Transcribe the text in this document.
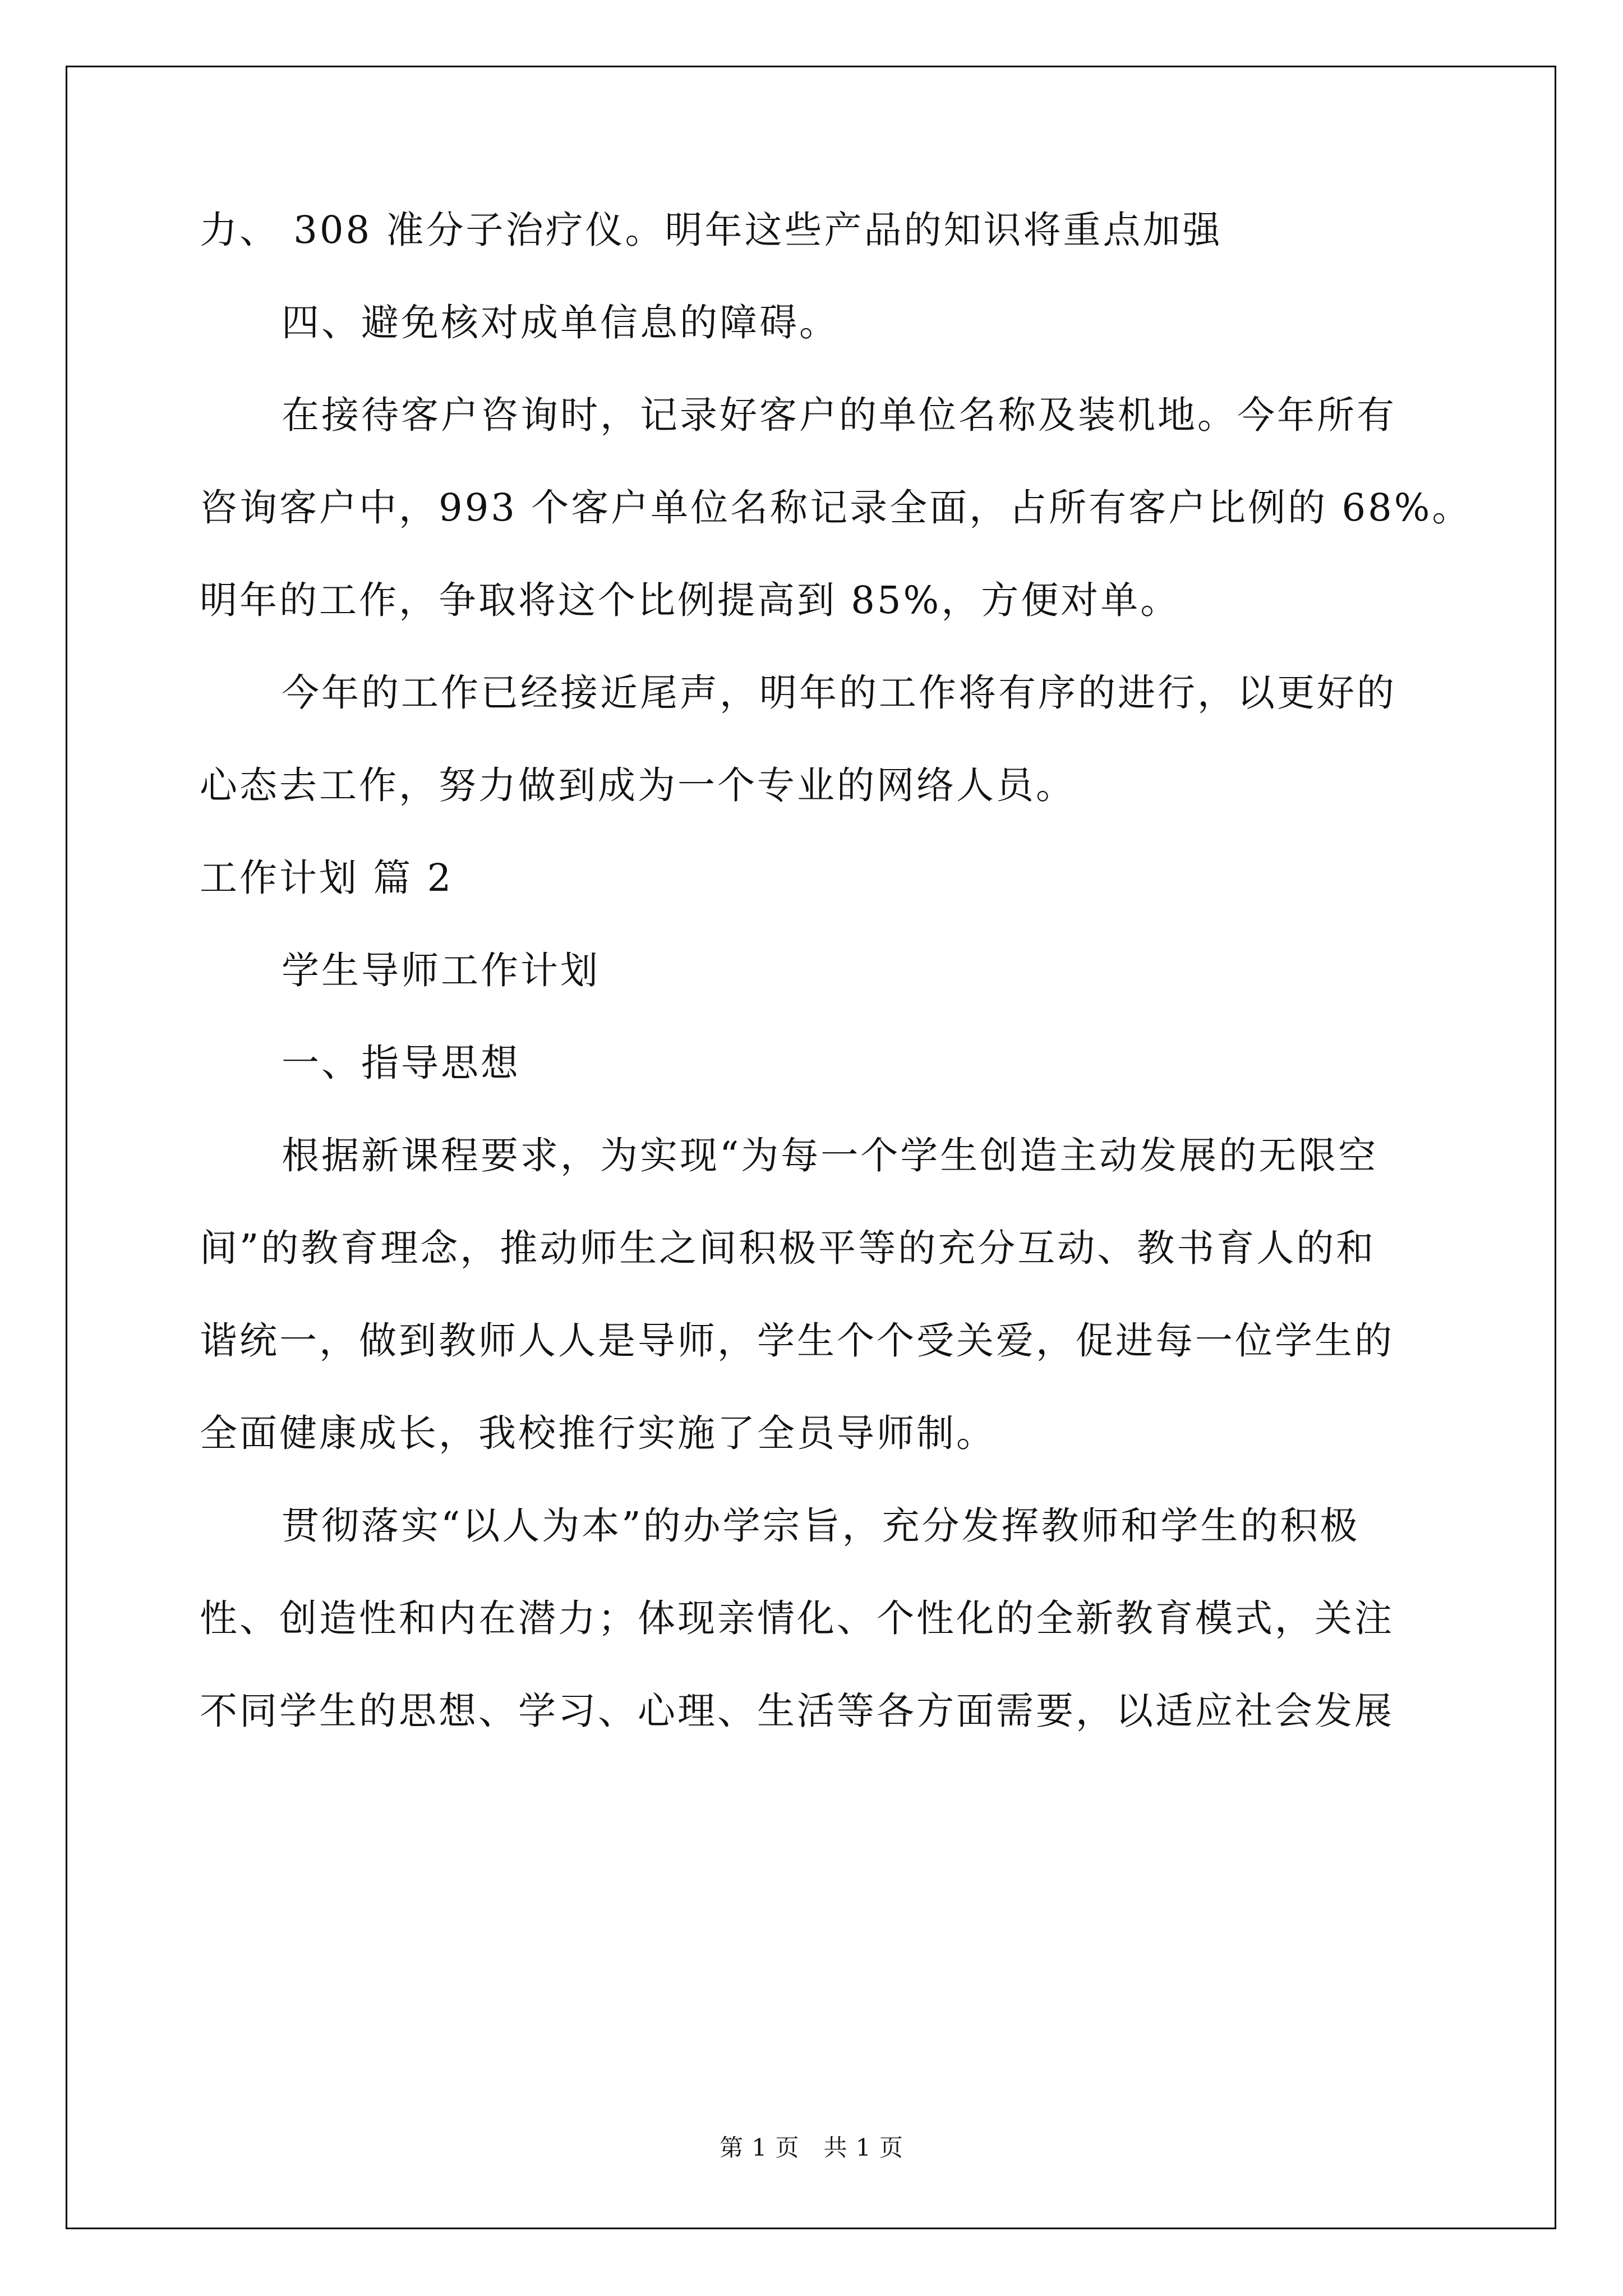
力、 308 准分子治疗仪。明年这些产品的知识将重点加强
四、避免核对成单信息的障碍。
在接待客户咨询时，记录好客户的单位名称及装机地。今年所有
咨询客户中，993 个客户单位名称记录全面，占所有客户比例的 68%。
明年的工作，争取将这个比例提高到 85%，方便对单。
今年的工作已经接近尾声，明年的工作将有序的进行，以更好的
心态去工作，努力做到成为一个专业的网络人员。
工作计划 篇 2
学生导师工作计划
一、指导思想
根据新课程要求，为实现“为每一个学生创造主动发展的无限空
间”的教育理念，推动师生之间积极平等的充分互动、教书育人的和
谐统一，做到教师人人是导师，学生个个受关爱，促进每一位学生的
全面健康成长，我校推行实施了全员导师制。
贯彻落实“以人为本”的办学宗旨，充分发挥教师和学生的积极
性、创造性和内在潜力；体现亲情化、个性化的全新教育模式，关注
不同学生的思想、学习、心理、生活等各方面需要，以适应社会发展
第 1 页　共 1 页
